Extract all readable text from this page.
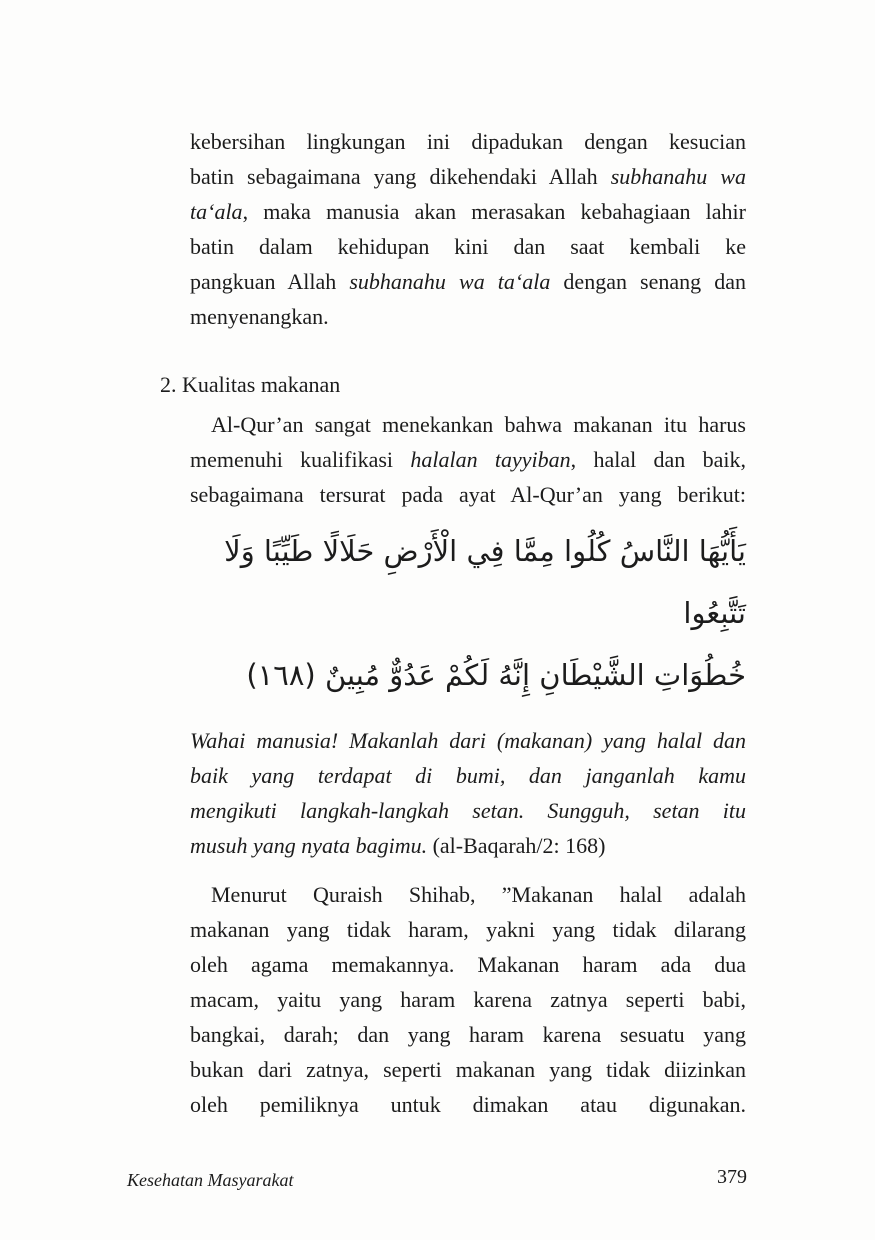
kebersihan lingkungan ini dipadukan dengan kesucian
batin sebagaimana yang dikehendaki Allah subhanahu wa
ta‘ala, maka manusia akan merasakan kebahagiaan lahir
batin dalam kehidupan kini dan saat kembali ke
pangkuan Allah subhanahu wa ta‘ala dengan senang dan
menyenangkan.
2. Kualitas makanan
Al-Qur’an sangat menekankan bahwa makanan itu harus
memenuhi kualifikasi halalan tayyiban, halal dan baik,
sebagaimana tersurat pada ayat Al-Qur’an yang berikut:
يَأَيُّهَا النَّاسُ كُلُوا مِمَّا فِي الْأَرْضِ حَلَالًا طَيِّبًا وَلَا تَتَّبِعُوا
خُطُوَاتِ الشَّيْطَانِ إِنَّهُ لَكُمْ عَدُوٌّ مُبِينٌ (١٦٨)
Wahai manusia! Makanlah dari (makanan) yang halal dan
baik yang terdapat di bumi, dan janganlah kamu
mengikuti langkah-langkah setan. Sungguh, setan itu
musuh yang nyata bagimu. (al-Baqarah/2: 168)
Menurut Quraish Shihab, ”Makanan halal adalah
makanan yang tidak haram, yakni yang tidak dilarang
oleh agama memakannya. Makanan haram ada dua
macam, yaitu yang haram karena zatnya seperti babi,
bangkai, darah; dan yang haram karena sesuatu yang
bukan dari zatnya, seperti makanan yang tidak diizinkan
oleh pemiliknya untuk dimakan atau digunakan.
Kesehatan Masyarakat	379
